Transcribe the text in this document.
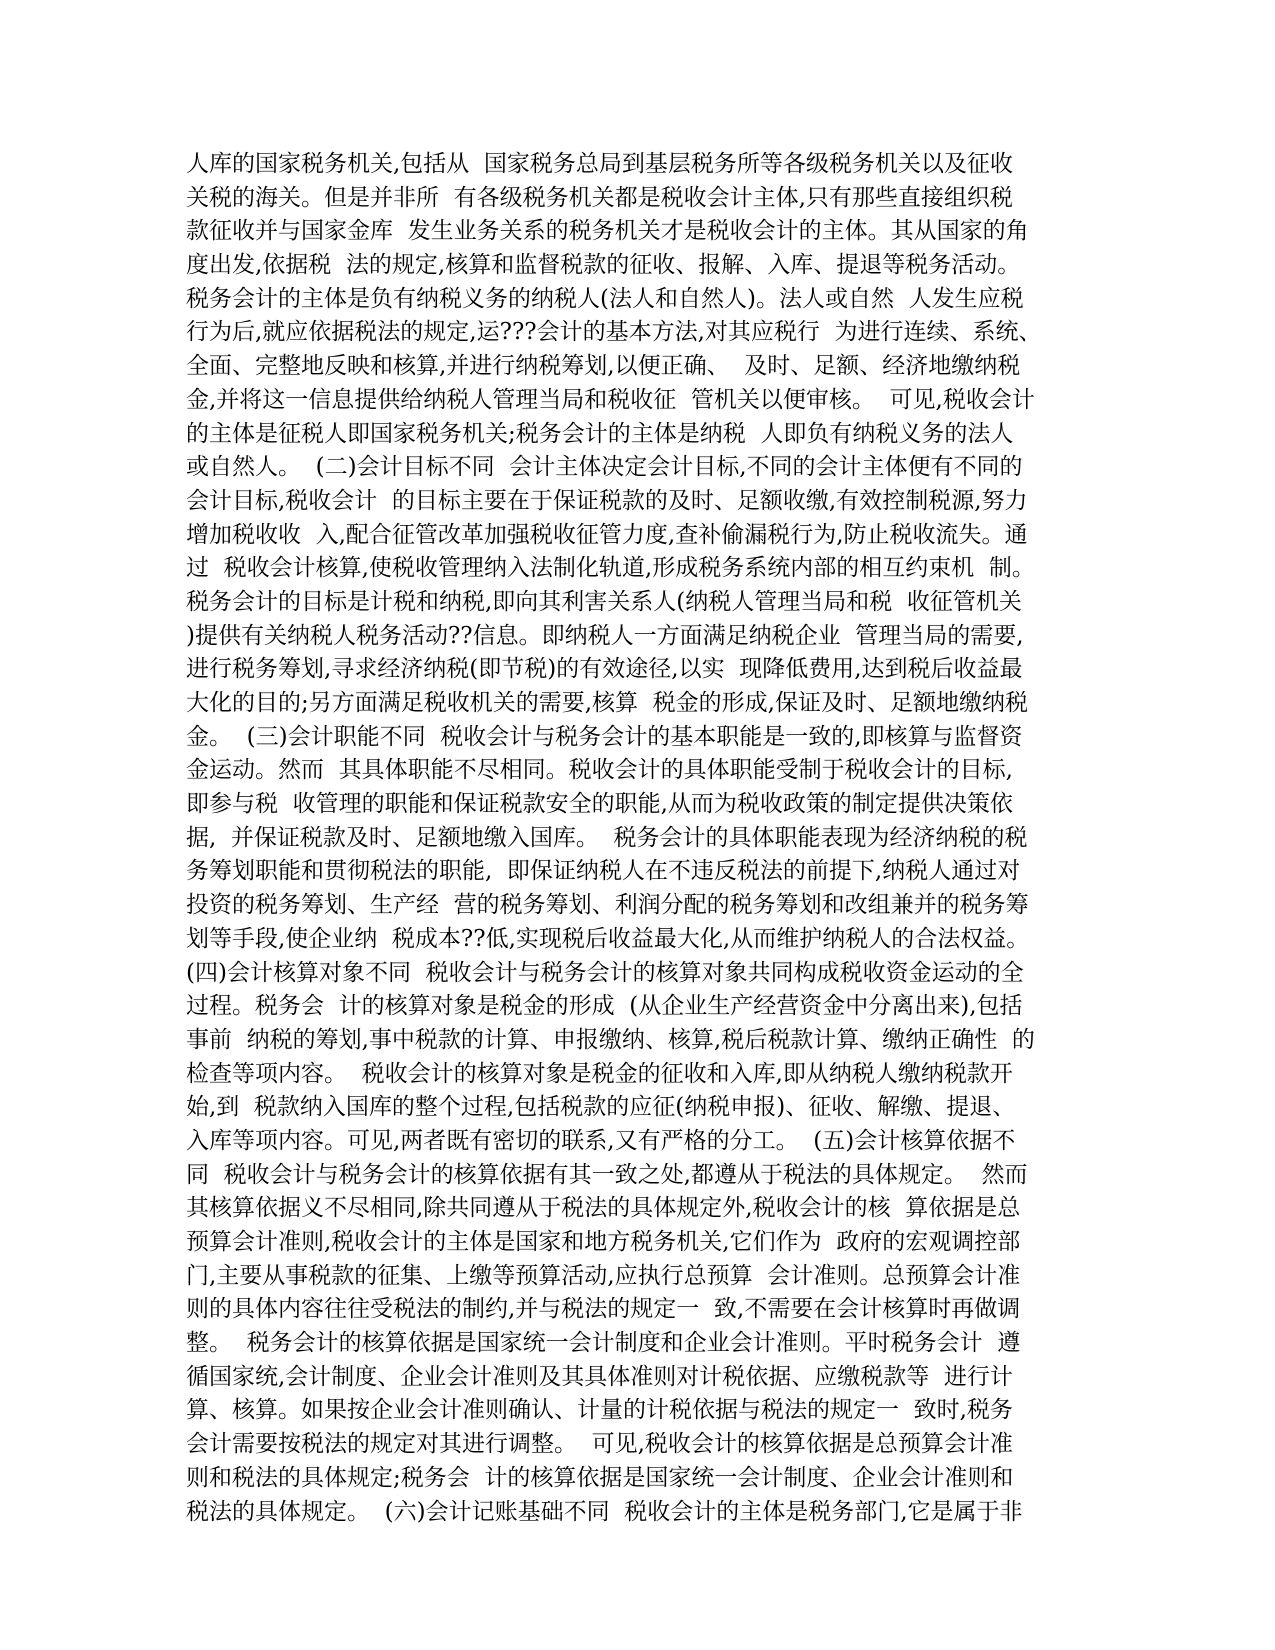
人库的国家税务机关,包括从  国家税务总局到基层税务所等各级税务机关以及征收
关税的海关。但是并非所  有各级税务机关都是税收会计主体,只有那些直接组织税
款征收并与国家金库  发生业务关系的税务机关才是税收会计的主体。其从国家的角
度出发,依据税  法的规定,核算和监督税款的征收、报解、入库、提退等税务活动。
税务会计的主体是负有纳税义务的纳税人(法人和自然人)。法人或自然  人发生应税
行为后,就应依据税法的规定,运???会计的基本方法,对其应税行  为进行连续、系统、
全面、完整地反映和核算,并进行纳税筹划,以便正确、  及时、足额、经济地缴纳税
金,并将这一信息提供给纳税人管理当局和税收征  管机关以便审核。  可见,税收会计
的主体是征税人即国家税务机关;税务会计的主体是纳税  人即负有纳税义务的法人
或自然人。  (二)会计目标不同  会计主体决定会计目标,不同的会计主体便有不同的
会计目标,税收会计  的目标主要在于保证税款的及时、足额收缴,有效控制税源,努力
增加税收收  入,配合征管改革加强税收征管力度,查补偷漏税行为,防止税收流失。通
过  税收会计核算,使税收管理纳入法制化轨道,形成税务系统内部的相互约束机  制。
税务会计的目标是计税和纳税,即向其利害关系人(纳税人管理当局和税  收征管机关
)提供有关纳税人税务活动??信息。即纳税人一方面满足纳税企业  管理当局的需要,
进行税务筹划,寻求经济纳税(即节税)的有效途径,以实  现降低费用,达到税后收益最
大化的目的;另方面满足税收机关的需要,核算  税金的形成,保证及时、足额地缴纳税
金。  (三)会计职能不同  税收会计与税务会计的基本职能是一致的,即核算与监督资
金运动。然而  其具体职能不尽相同。税收会计的具体职能受制于税收会计的目标,
即参与税  收管理的职能和保证税款安全的职能,从而为税收政策的制定提供决策依
据,  并保证税款及时、足额地缴入国库。  税务会计的具体职能表现为经济纳税的税
务筹划职能和贯彻税法的职能,  即保证纳税人在不违反税法的前提下,纳税人通过对
投资的税务筹划、生产经  营的税务筹划、利润分配的税务筹划和改组兼并的税务筹
划等手段,使企业纳  税成本??低,实现税后收益最大化,从而维护纳税人的合法权益。
(四)会计核算对象不同  税收会计与税务会计的核算对象共同构成税收资金运动的全
过程。税务会  计的核算对象是税金的形成  (从企业生产经营资金中分离出来),包括
事前  纳税的筹划,事中税款的计算、申报缴纳、核算,税后税款计算、缴纳正确性  的
检查等项内容。  税收会计的核算对象是税金的征收和入库,即从纳税人缴纳税款开
始,到  税款纳入国库的整个过程,包括税款的应征(纳税申报)、征收、解缴、提退、
入库等项内容。可见,两者既有密切的联系,又有严格的分工。  (五)会计核算依据不
同  税收会计与税务会计的核算依据有其一致之处,都遵从于税法的具体规定。  然而
其核算依据义不尽相同,除共同遵从于税法的具体规定外,税收会计的核  算依据是总
预算会计准则,税收会计的主体是国家和地方税务机关,它们作为  政府的宏观调控部
门,主要从事税款的征集、上缴等预算活动,应执行总预算  会计准则。总预算会计准
则的具体内容往往受税法的制约,并与税法的规定一  致,不需要在会计核算时再做调
整。  税务会计的核算依据是国家统一会计制度和企业会计准则。平时税务会计  遵
循国家统,会计制度、企业会计准则及其具体准则对计税依据、应缴税款等  进行计
算、核算。如果按企业会计准则确认、计量的计税依据与税法的规定一  致时,税务
会计需要按税法的规定对其进行调整。  可见,税收会计的核算依据是总预算会计准
则和税法的具体规定;税务会  计的核算依据是国家统一会计制度、企业会计准则和
税法的具体规定。  (六)会计记账基础不同  税收会计的主体是税务部门,它是属于非
